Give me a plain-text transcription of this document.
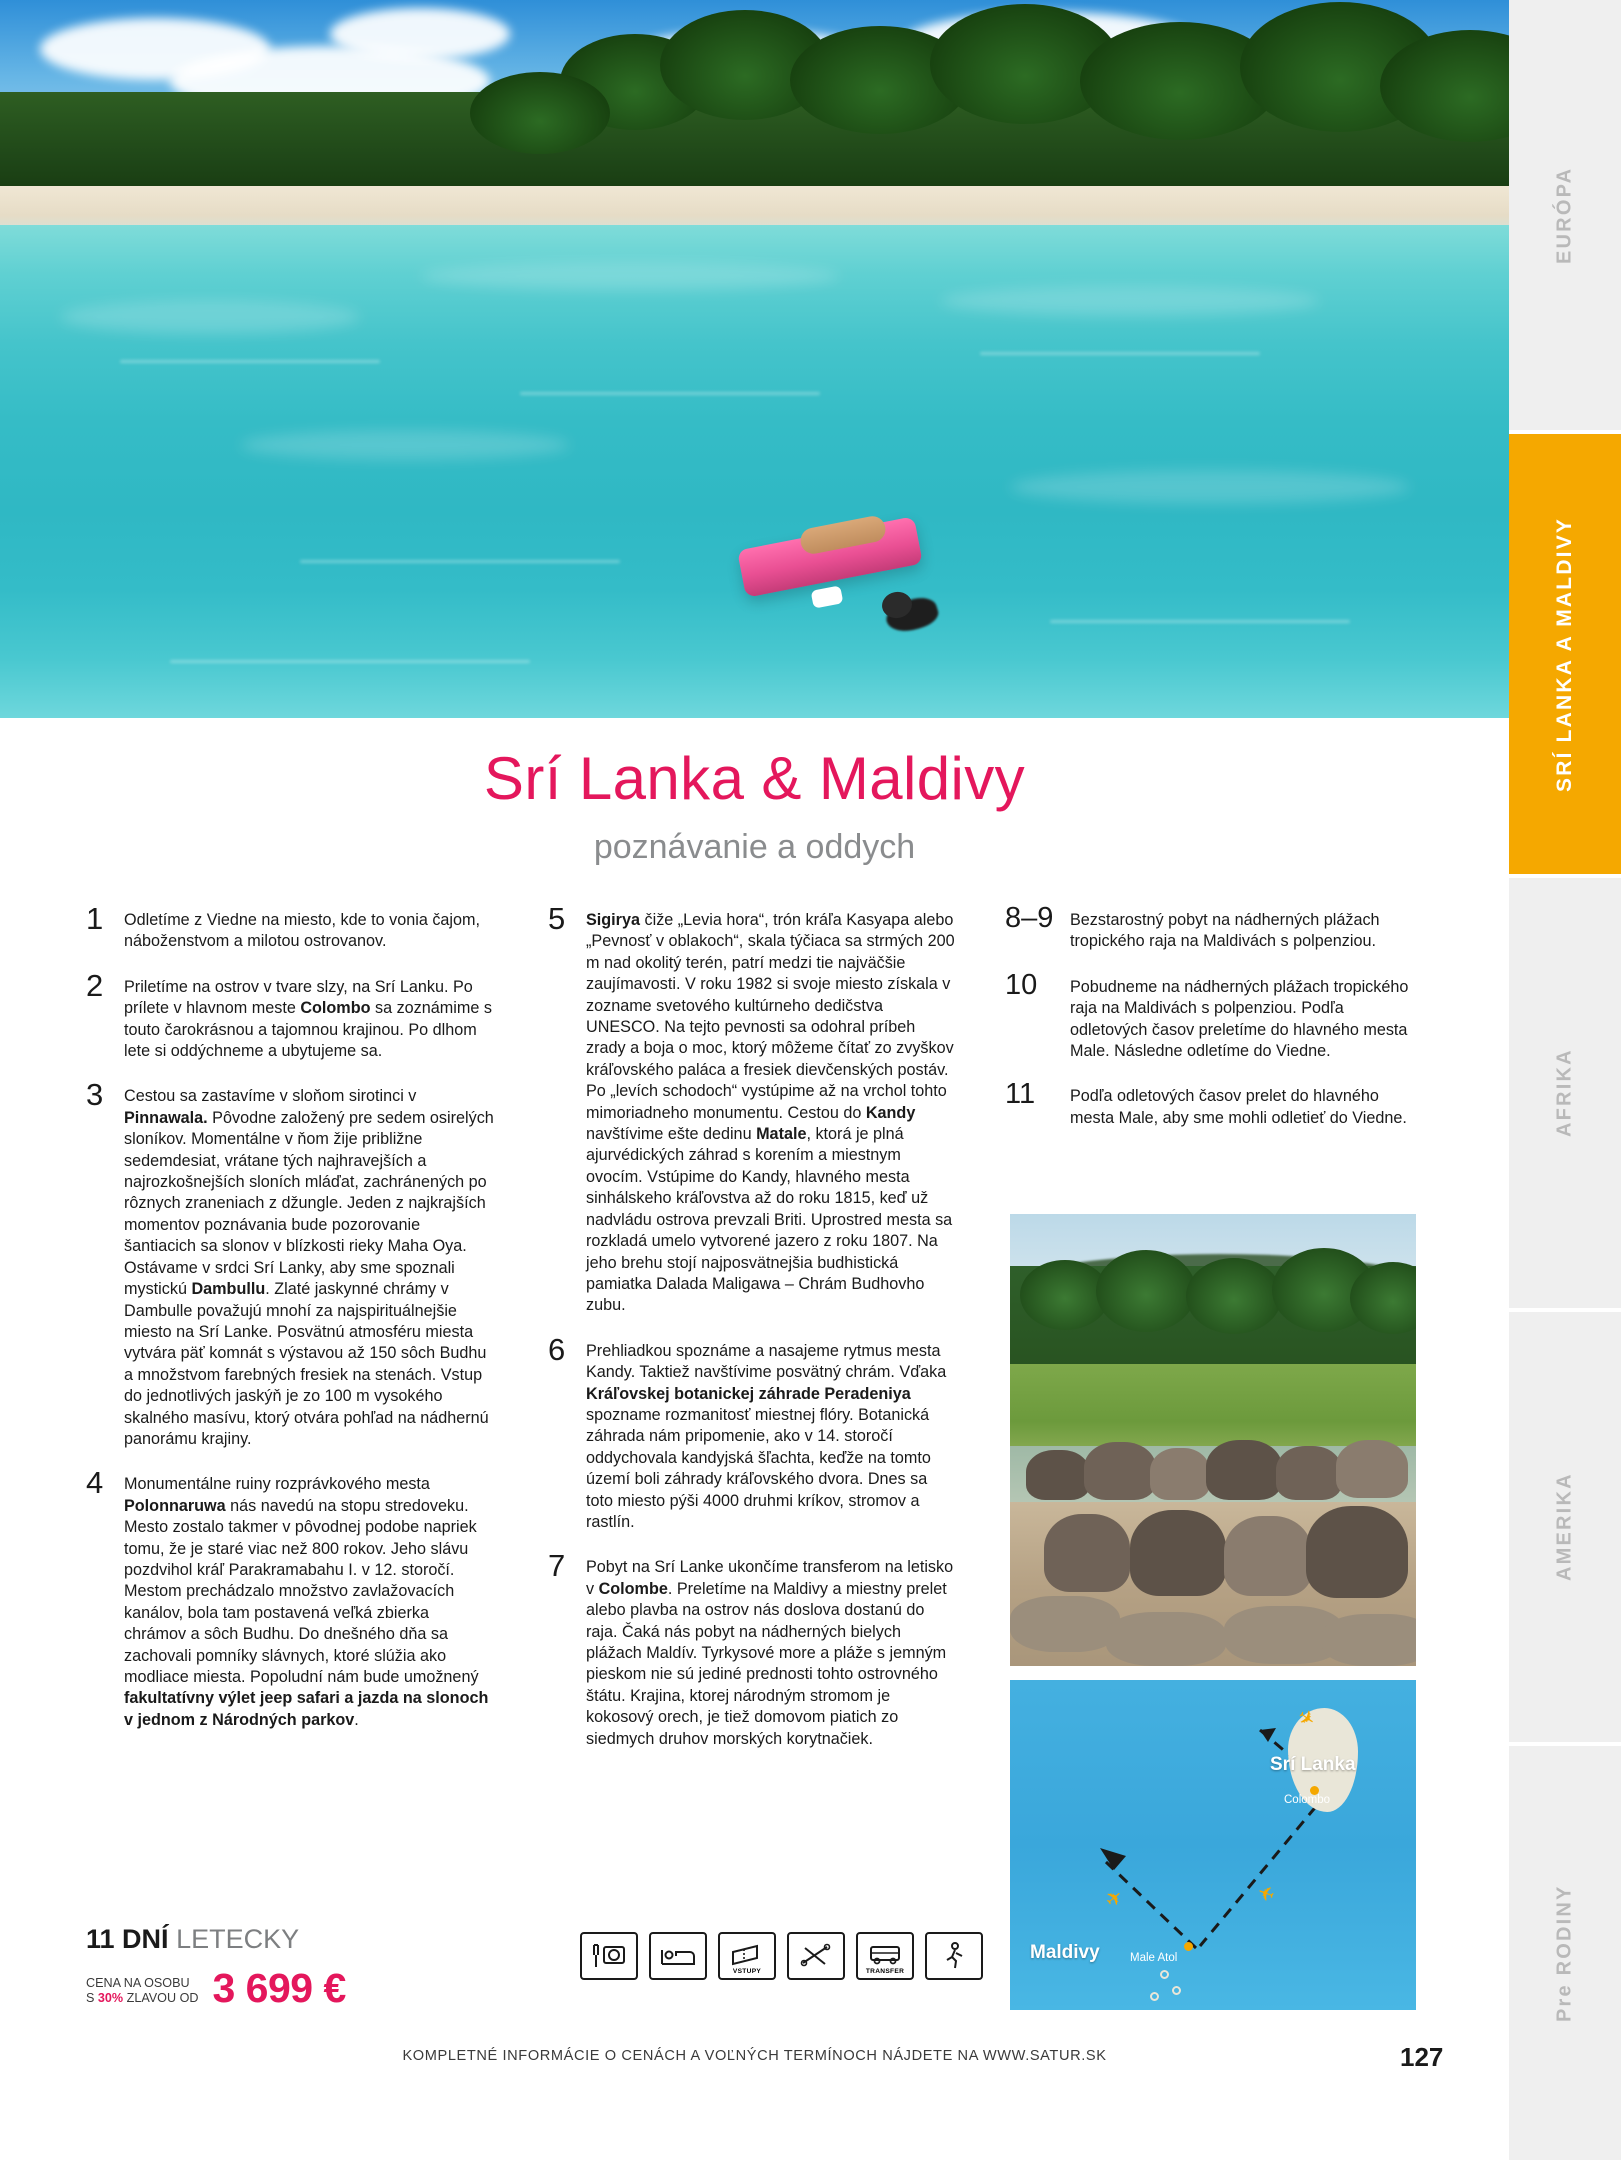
Srí Lanka & Maldivy
poznávanie a oddych

1 Odletíme z Viedne na miesto, kde to vonia čajom, náboženstvom a milotou ostrovanov.

2 Priletíme na ostrov v tvare slzy, na Srí Lanku. Po prílete v hlavnom meste Colombo sa zoznámime s touto čarokrásnou a tajomnou krajinou. Po dlhom lete si oddýchneme a ubytujeme sa.

3 Cestou sa zastavíme v sloňom sirotinci v Pinnawala. Pôvodne založený pre sedem osirelých sloníkov. Momentálne v ňom žije približne sedemdesiat, vrátane tých najhravejších a najrozkošnejších sloních mláďat, zachránených po rôznych zraneniach z džungle. Jeden z najkrajších momentov poznávania bude pozorovanie šantiacich sa slonov v blízkosti rieky Maha Oya. Ostávame v srdci Srí Lanky, aby sme spoznali mystickú Dambullu. Zlaté jaskynné chrámy v Dambulle považujú mnohí za najspirituálnejšie miesto na Srí Lanke. Posvätnú atmosféru miesta vytvára päť komnát s výstavou až 150 sôch Budhu a množstvom farebných fresiek na stenách. Vstup do jednotlivých jaskýň je zo 100 m vysokého skalného masívu, ktorý otvára pohľad na nádhernú panorámu krajiny.

4 Monumentálne ruiny rozprávkového mesta Polonnaruwa nás navedú na stopu stredoveku. Mesto zostalo takmer v pôvodnej podobe napriek tomu, že je staré viac než 800 rokov. Jeho slávu pozdvihol kráľ Parakramabahu I. v 12. storočí. Mestom prechádzalo množstvo zavlažovacích kanálov, bola tam postavená veľká zbierka chrámov a sôch Budhu. Do dnešného dňa sa zachovali pomníky slávnych, ktoré slúžia ako modliace miesta. Popoludní nám bude umožnený fakultatívny výlet jeep safari a jazda na slonoch v jednom z Národných parkov.

5 Sigirya čiže „Levia hora“, trón kráľa Kasyapa alebo „Pevnosť v oblakoch“, skala týčiaca sa strmých 200 m nad okolitý terén, patrí medzi tie najväčšie zaujímavosti. V roku 1982 si svoje miesto získala v zozname svetového kultúrneho dedičstva UNESCO. Na tejto pevnosti sa odohral príbeh zrady a boja o moc, ktorý môžeme čítať zo zvyškov kráľovského paláca a fresiek dievčenských postáv. Po „levích schodoch“ vystúpime až na vrchol tohto mimoriadneho monumentu. Cestou do Kandy navštívime ešte dedinu Matale, ktorá je plná ajurvédických záhrad s korením a miestnym ovocím. Vstúpime do Kandy, hlavného mesta sinhálskeho kráľovstva až do roku 1815, keď už nadvládu ostrova prevzali Briti. Uprostred mesta sa rozkladá umelo vytvorené jazero z roku 1807. Na jeho brehu stojí najposvätnejšia budhistická pamiatka Dalada Maligawa – Chrám Budhovho zubu.

6 Prehliadkou spoznáme a nasajeme rytmus mesta Kandy. Taktiež navštívime posvätný chrám. Vďaka Kráľovskej botanickej záhrade Peradeniya spozname rozmanitosť miestnej flóry. Botanická záhrada nám pripomenie, ako v 14. storočí oddychovala kandyjská šľachta, keďže na tomto území boli záhrady kráľovského dvora. Dnes sa toto miesto pýši 4000 druhmi kríkov, stromov a rastlín.

7 Pobyt na Srí Lanke ukončíme transferom na letisko v Colombe. Preletíme na Maldivy a miestny prelet alebo plavba na ostrov nás doslova dostanú do raja. Čaká nás pobyt na nádherných bielych plážach Maldív. Tyrkysové more a pláže s jemným pieskom nie sú jediné prednosti tohto ostrovného štátu. Krajina, ktorej národným stromom je kokosový orech, je tiež domovom piatich zo siedmych druhov morských korytnačiek.

8–9 Bezstarostný pobyt na nádherných plážach tropického raja na Maldivách s polpenziou.

10 Pobudneme na nádherných plážach tropického raja na Maldivách s polpenziou. Podľa odletových časov preletíme do hlavného mesta Male. Následne odletíme do Viedne.

11 Podľa odletových časov prelet do hlavného mesta Male, aby sme mohli odletieť do Viedne.

Srí Lanka
Colombo
Maldivy	Male Atol
✈
✈
✈
11 DNÍ LETECKY
CENA NA OSOBU
S 30% ZLAVOU OD 3 699 €	VSTUPY	TRANSFER
KOMPLETNÉ INFORMÁCIE O CENÁCH A VOĽNÝCH TERMÍNOCH NÁJDETE NA WWW.SATUR.SK	127
EURÓPA
SRÍ LANKA A MALDIVY
AFRIKA
AMERIKA
Pre RODINY
